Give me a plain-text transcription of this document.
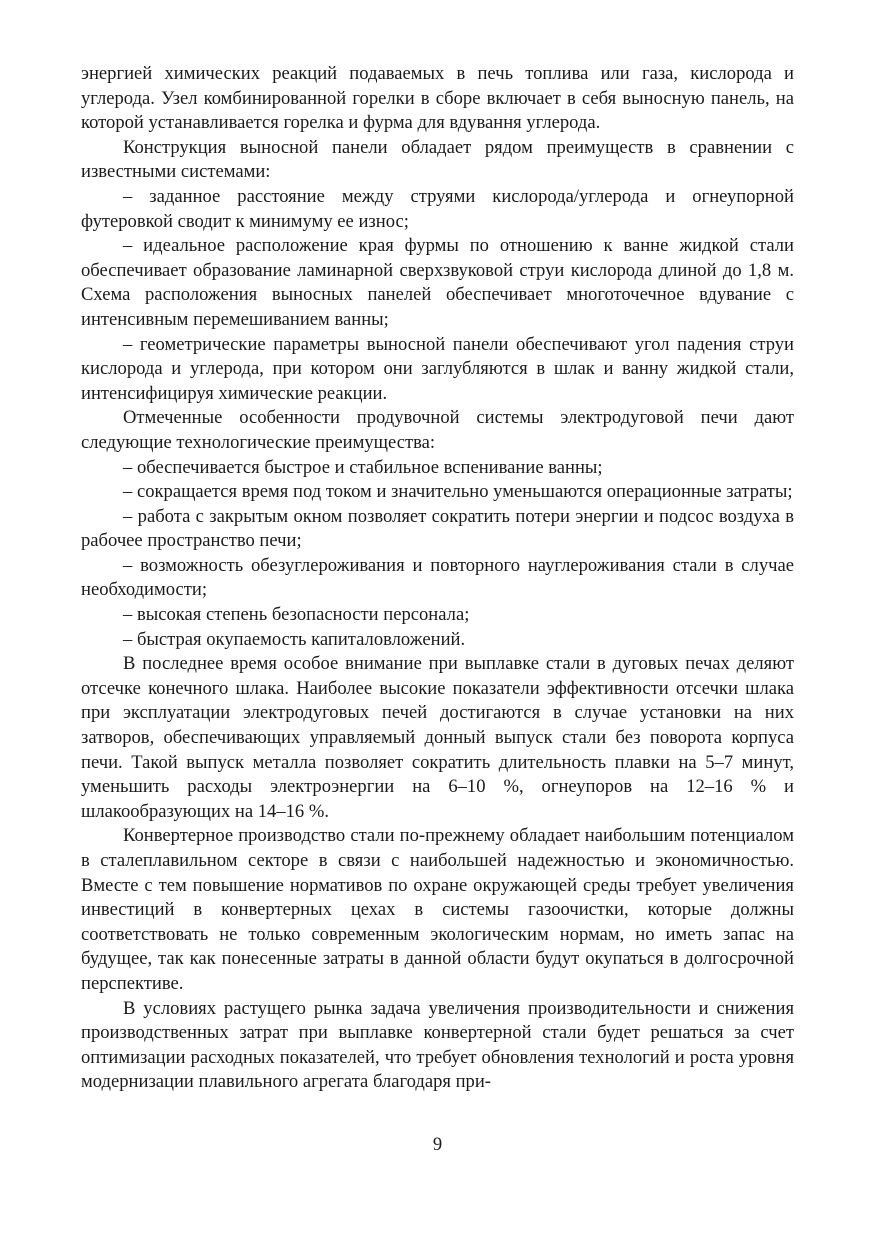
энергией химических реакций подаваемых в печь топлива или газа, кислорода и углерода. Узел комбинированной горелки в сборе включает в себя выносную панель, на которой устанавливается горелка и фурма для вдування углерода.

Конструкция выносной панели обладает рядом преимуществ в сравнении с известными системами:

– заданное расстояние между струями кислорода/углерода и огнеупорной футеровкой сводит к минимуму ее износ;

– идеальное расположение края фурмы по отношению к ванне жидкой стали обеспечивает образование ламинарной сверхзвуковой струи кислорода длиной до 1,8 м. Схема расположения выносных панелей обеспечивает многоточечное вдувание с интенсивным перемешиванием ванны;

– геометрические параметры выносной панели обеспечивают угол падения струи кислорода и углерода, при котором они заглубляются в шлак и ванну жидкой стали, интенсифицируя химические реакции.

Отмеченные особенности продувочной системы электродуговой печи дают следующие технологические преимущества:

– обеспечивается быстрое и стабильное вспенивание ванны;

– сокращается время под током и значительно уменьшаются операционные затраты;

– работа с закрытым окном позволяет сократить потери энергии и подсос воздуха в рабочее пространство печи;

– возможность обезуглероживания и повторного науглероживания стали в случае необходимости;

– высокая степень безопасности персонала;

– быстрая окупаемость капиталовложений.

В последнее время особое внимание при выплавке стали в дуговых печах деляют отсечке конечного шлака. Наиболее высокие показатели эффективности отсечки шлака при эксплуатации электродуговых печей достигаются в случае установки на них затворов, обеспечивающих управляемый донный выпуск стали без поворота корпуса печи. Такой выпуск металла позволяет сократить длительность плавки на 5–7 минут, уменьшить расходы электроэнергии на 6–10 %, огнеупоров на 12–16 % и шлакообразующих на 14–16 %.

Конвертерное производство стали по-прежнему обладает наибольшим потенциалом в сталеплавильном секторе в связи с наибольшей надежностью и экономичностью. Вместе с тем повышение нормативов по охране окружающей среды требует увеличения инвестиций в конвертерных цехах в системы газоочистки, которые должны соответствовать не только современным экологическим нормам, но иметь запас на будущее, так как понесенные затраты в данной области будут окупаться в долгосрочной перспективе.

В условиях растущего рынка задача увеличения производительности и снижения производственных затрат при выплавке конвертерной стали будет решаться за счет оптимизации расходных показателей, что требует обновления технологий и роста уровня модернизации плавильного агрегата благодаря при-

9
